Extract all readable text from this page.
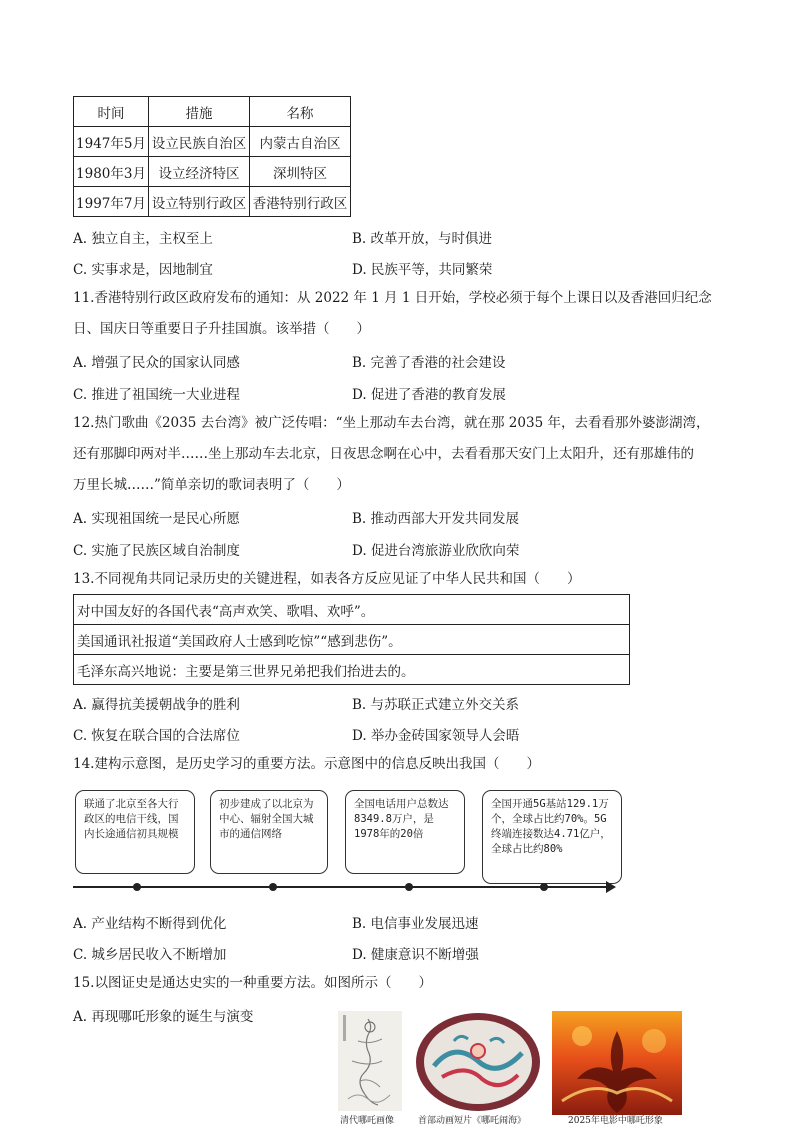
时间	措施	名称
1947年5月	设立民族自治区	内蒙古自治区
1980年3月	设立经济特区	深圳特区
1997年7月	设立特别行政区	香港特别行政区
A. 独立自主，主权至上	B. 改革开放，与时俱进
C. 实事求是，因地制宜	D. 民族平等，共同繁荣
11.香港特别行政区政府发布的通知：从 2022 年 1 月 1 日开始，学校必须于每个上课日以及香港回归纪念
日、国庆日等重要日子升挂国旗。该举措（　　）
A. 增强了民众的国家认同感	B. 完善了香港的社会建设
C. 推进了祖国统一大业进程	D. 促进了香港的教育发展
12.热门歌曲《2035 去台湾》被广泛传唱：“坐上那动车去台湾，就在那 2035 年，去看看那外婆澎湖湾，
还有那脚印两对半……坐上那动车去北京，日夜思念啊在心中，去看看那天安门上太阳升，还有那雄伟的
万里长城……”简单亲切的歌词表明了（　　）
A. 实现祖国统一是民心所愿	B. 推动西部大开发共同发展
C. 实施了民族区域自治制度	D. 促进台湾旅游业欣欣向荣
13.不同视角共同记录历史的关键进程，如表各方反应见证了中华人民共和国（　　）
对中国友好的各国代表“高声欢笑、歌唱、欢呼”。
美国通讯社报道“美国政府人士感到吃惊”“感到悲伤”。
毛泽东高兴地说：主要是第三世界兄弟把我们抬进去的。
A. 赢得抗美援朝战争的胜利	B. 与苏联正式建立外交关系
C. 恢复在联合国的合法席位	D. 举办金砖国家领导人会晤
14.建构示意图，是历史学习的重要方法。示意图中的信息反映出我国（　　）
联通了北京至各大行政区的电信干线，国内长途通信初具规模
初步建成了以北京为中心、辐射全国大城市的通信网络
全国电话用户总数达8349.8万户，是1978年的20倍
全国开通5G基站129.1万个，全球占比约70%。5G终端连接数达4.71亿户，全球占比约80%
A. 产业结构不断得到优化	B. 电信事业发展迅速
C. 城乡居民收入不断增加	D. 健康意识不断增强
15.以图证史是通达史实的一种重要方法。如图所示（　　）
A. 再现哪吒形象的诞生与演变
清代哪吒画像	首部动画短片《哪吒闹海》	2025年电影中哪吒形象
